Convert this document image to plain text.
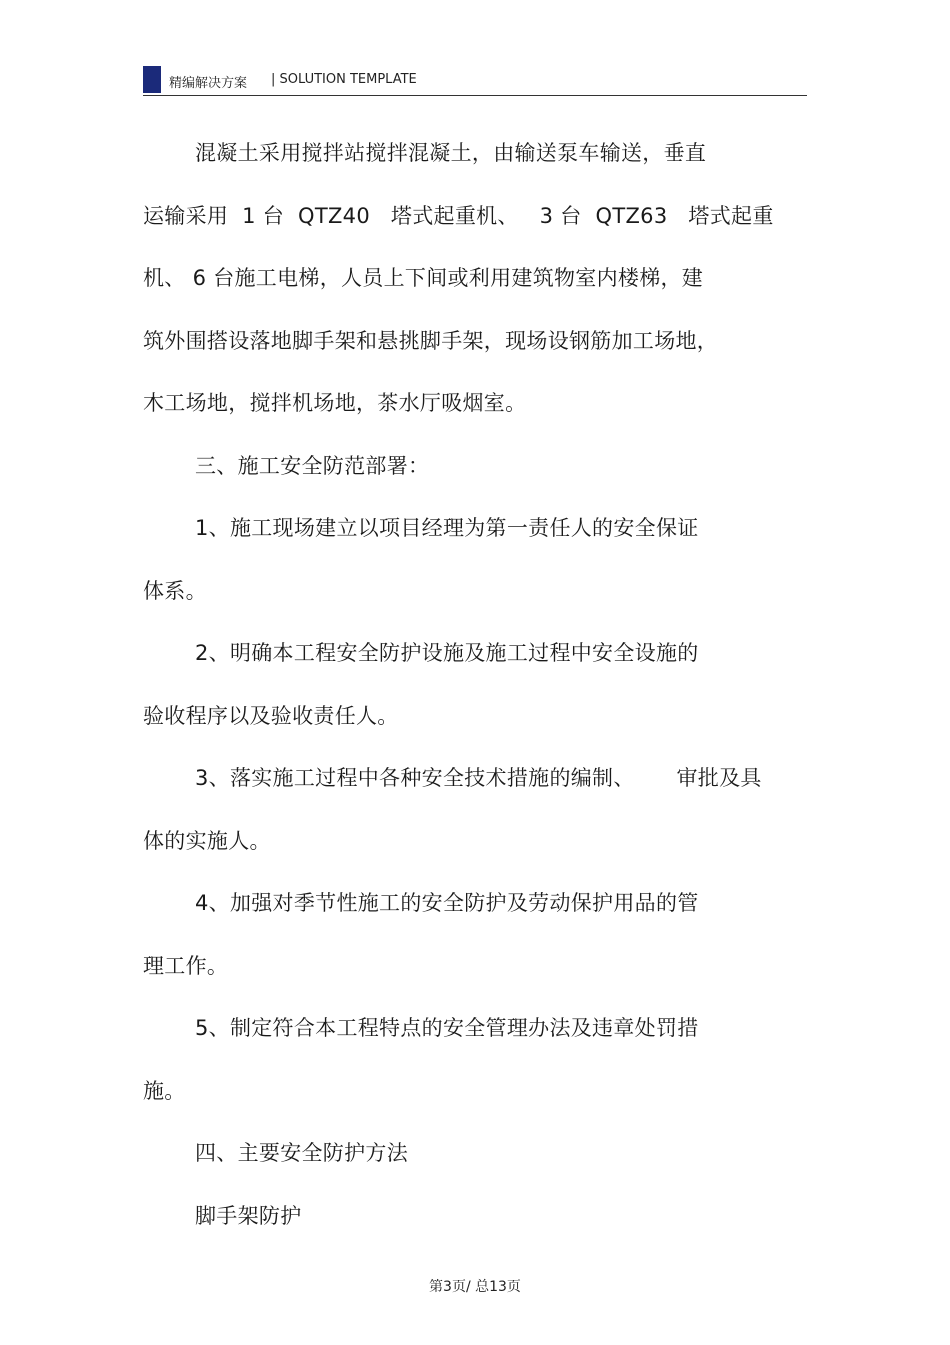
精编解决方案 | SOLUTION TEMPLATE
混凝土采用搅拌站搅拌混凝土，由输送泵车输送，垂直
运输采用  1 台  QTZ40   塔式起重机、   3 台  QTZ63   塔式起重
机、 6 台施工电梯，人员上下间或利用建筑物室内楼梯，建
筑外围搭设落地脚手架和悬挑脚手架，现场设钢筋加工场地，
木工场地，搅拌机场地，茶水厅吸烟室。
三、施工安全防范部署：
1、施工现场建立以项目经理为第一责任人的安全保证
体系。
2、明确本工程安全防护设施及施工过程中安全设施的
验收程序以及验收责任人。
3、落实施工过程中各种安全技术措施的编制、      审批及具
体的实施人。
4、加强对季节性施工的安全防护及劳动保护用品的管
理工作。
5、制定符合本工程特点的安全管理办法及违章处罚措
施。
四、主要安全防护方法
脚手架防护
第3页/ 总13页
